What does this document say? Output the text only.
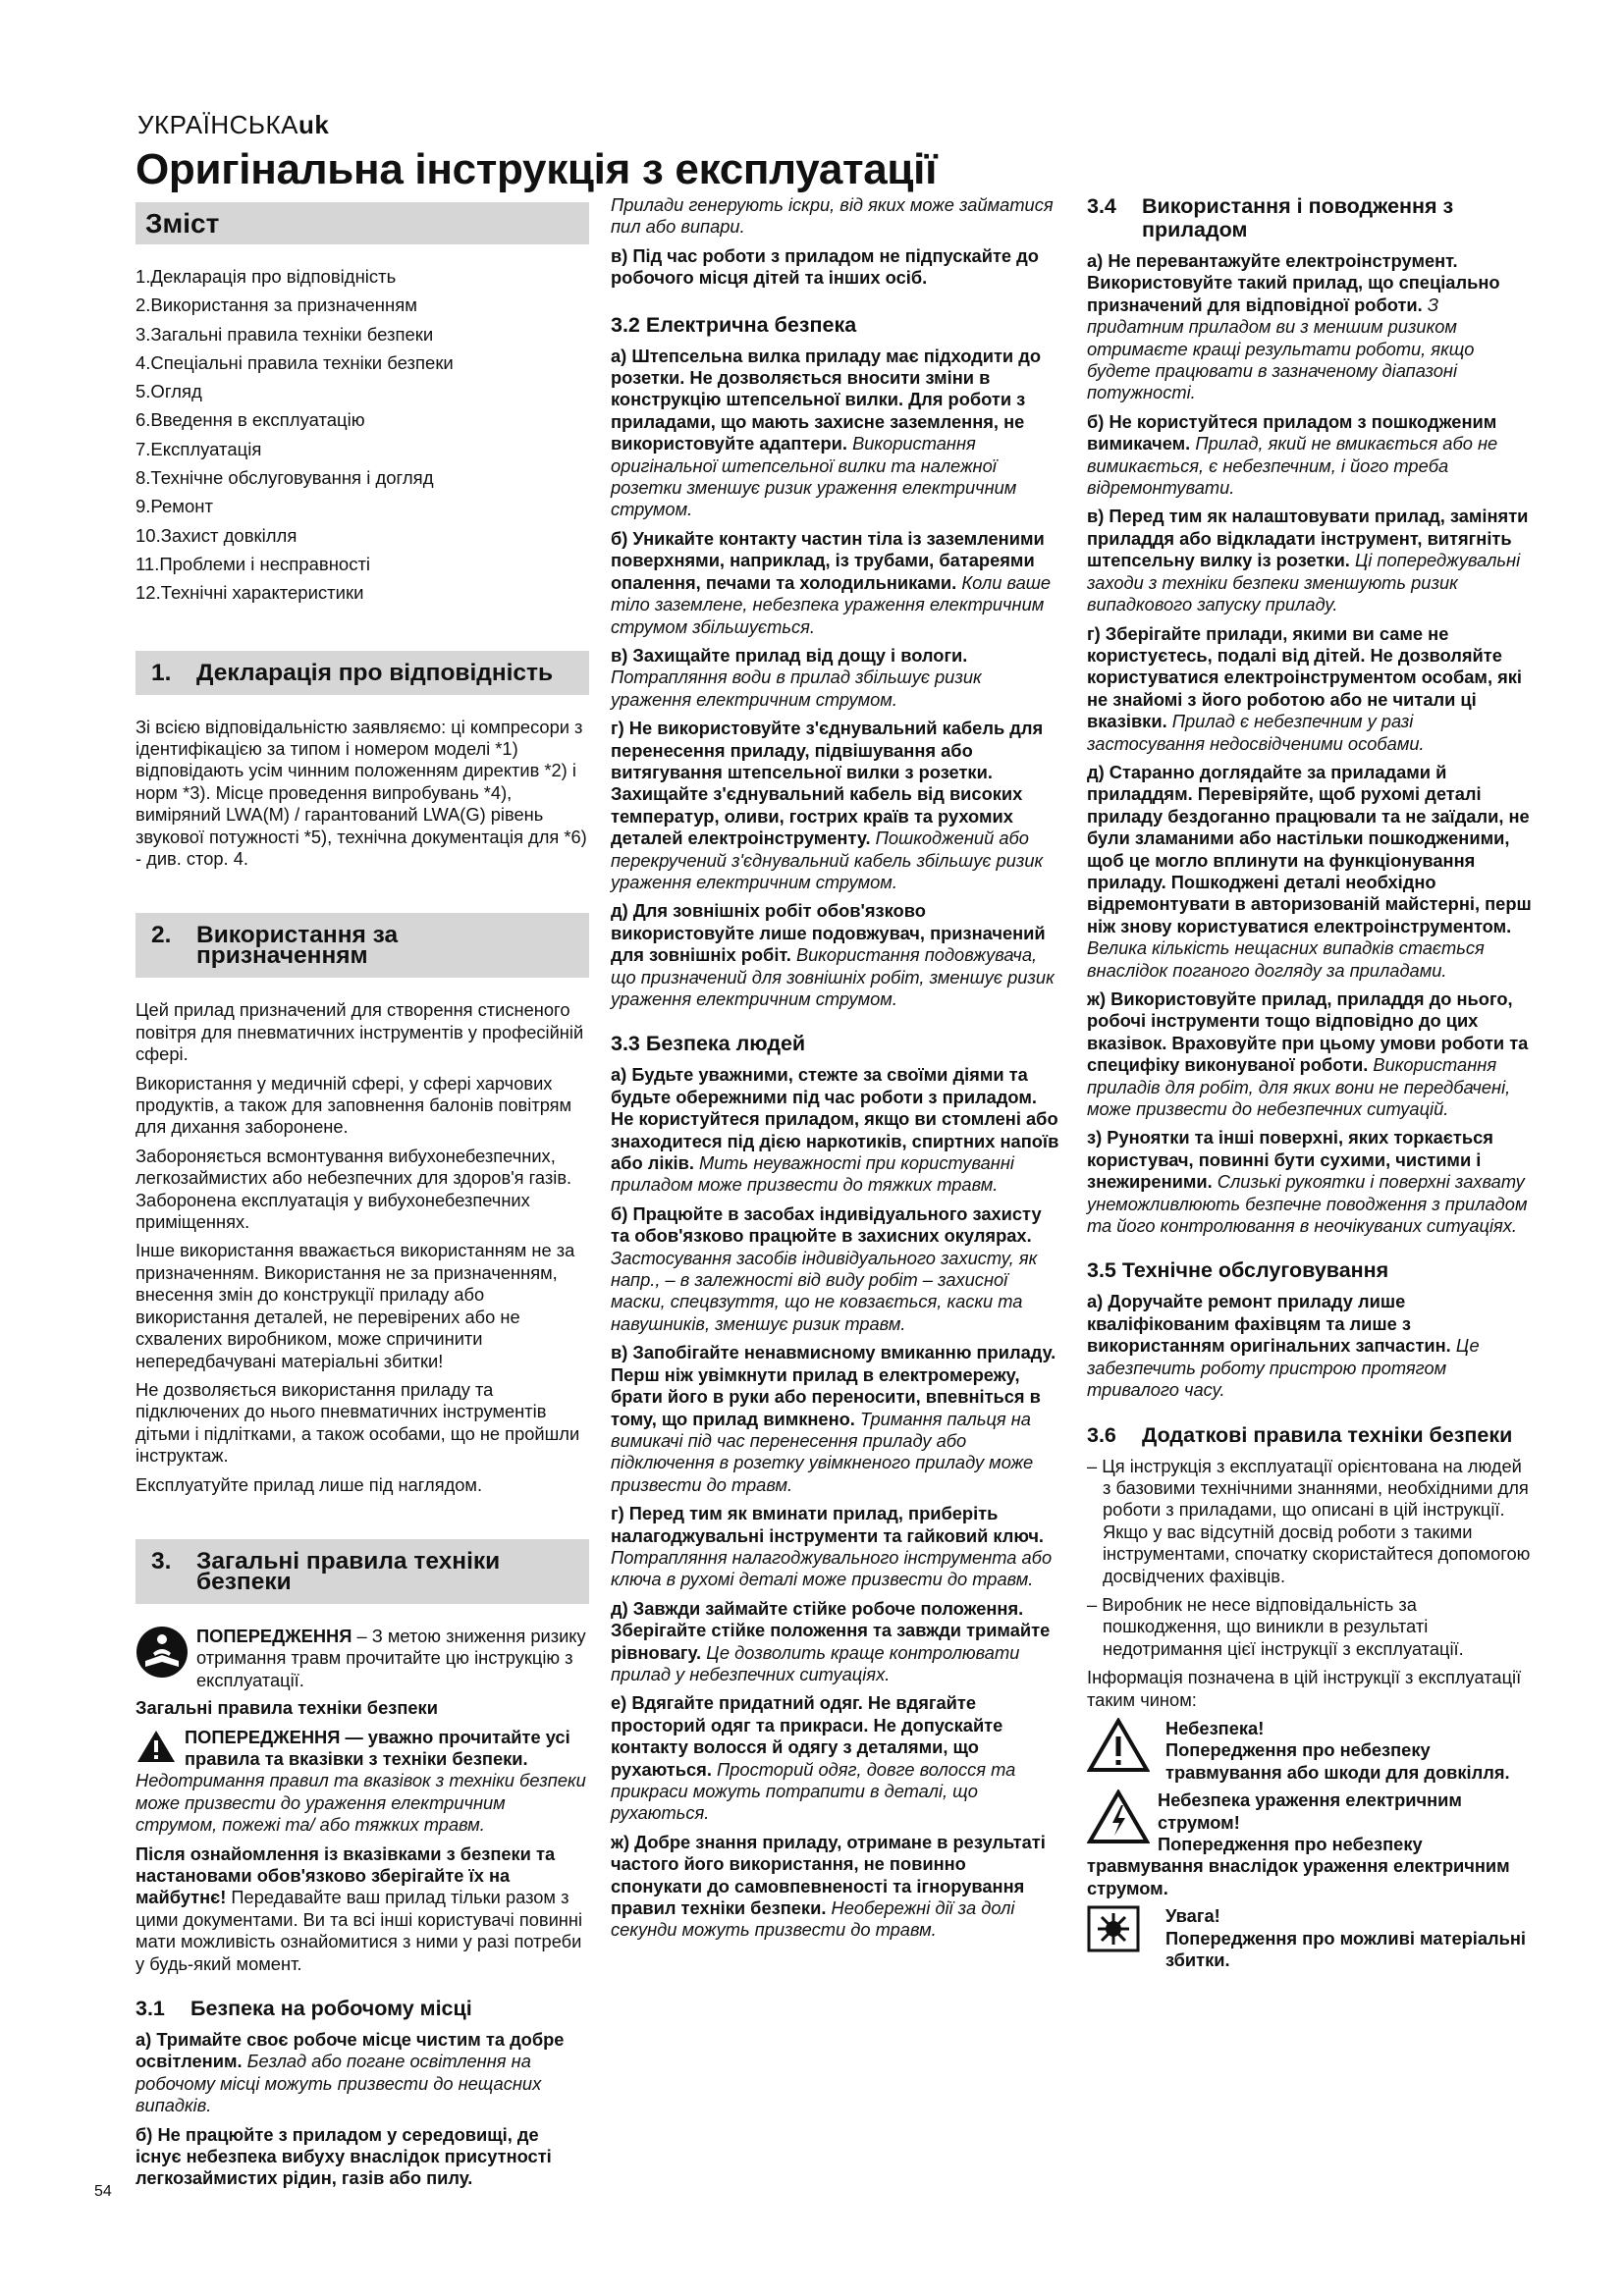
УКРАЇНСЬКАuk
Оригінальна інструкція з експлуатації
Зміст
1.Декларація про відповідність
2.Використання за призначенням
3.Загальні правила техніки безпеки
4.Спеціальні правила техніки безпеки
5.Огляд
6.Введення в експлуатацію
7.Експлуатація
8.Технічне обслуговування і догляд
9.Ремонт
10.Захист довкілля
11.Проблеми і несправності
12.Технічні характеристики
1.	Декларація про відповідність

Зі всією відповідальністю заявляємо: ці компресори з ідентифікацією за типом і номером моделі *1) відповідають усім чинним положенням директив *2) і норм *3). Місце проведення випробувань *4), виміряний LWA(M) / гарантований LWA(G) рівень звукової потужності *5), технічна документація для *6) - див. стор. 4.

2.	Використання за призначенням

Цей прилад призначений для створення стисненого повітря для пневматичних інструментів у професійній сфері.

Використання у медичній сфері, у сфері харчових продуктів, а також для заповнення балонів повітрям для дихання заборонене.

Забороняється всмонтування вибухонебезпечних, легкозаймистих або небезпечних для здоров'я газів. Заборонена експлуатація у вибухонебезпечних приміщеннях.

Інше використання вважається використанням не за призначенням. Використання не за призначенням, внесення змін до конструкції приладу або використання деталей, не перевірених або не схвалених виробником, може спричинити непередбачувані матеріальні збитки!

Не дозволяється використання приладу та підключених до нього пневматичних інструментів дітьми і підлітками, а також особами, що не пройшли інструктаж.

Експлуатуйте прилад лише під наглядом.

3.	Загальні правила техніки безпеки

ПОПЕРЕДЖЕННЯ – З метою зниження ризику отримання травм прочитайте цю інструкцію з експлуатації.

Загальні правила техніки безпеки

ПОПЕРЕДЖЕННЯ — уважно прочитайте усі правила та вказівки з техніки безпеки. Недотримання правил та вказівок з техніки безпеки може призвести до ураження електричним струмом, пожежі та/ або тяжких травм.

Після ознайомлення із вказівками з безпеки та настановами обов'язково зберігайте їх на майбутнє! Передавайте ваш прилад тільки разом з цими документами. Ви та всі інші користувачі повинні мати можливість ознайомитися з ними у разі потреби у будь-який момент.

3.1	Безпека на робочому місці

а) Тримайте своє робоче місце чистим та добре освітленим. Безлад або погане освітлення на робочому місці можуть призвести до нещасних випадків.

б) Не працюйте з приладом у середовищі, де існує небезпека вибуху внаслідок присутності легкозаймистих рідин, газів або пилу.

Прилади генерують іскри, від яких може займатися пил або випари.

в) Під час роботи з приладом не підпускайте до робочого місця дітей та інших осіб.

3.2 Електрична безпека

а) Штепсельна вилка приладу має підходити до розетки. Не дозволяється вносити зміни в конструкцію штепсельної вилки. Для роботи з приладами, що мають захисне заземлення, не використовуйте адаптери. Використання оригінальної штепсельної вилки та належної розетки зменшує ризик ураження електричним струмом.

б) Уникайте контакту частин тіла із заземленими поверхнями, наприклад, із трубами, батареями опалення, печами та холодильниками. Коли ваше тіло заземлене, небезпека ураження електричним струмом збільшується.

в) Захищайте прилад від дощу і вологи. Потрапляння води в прилад збільшує ризик ураження електричним струмом.

г) Не використовуйте з'єднувальний кабель для перенесення приладу, підвішування або витягування штепсельної вилки з розетки. Захищайте з'єднувальний кабель від високих температур, оливи, гострих країв та рухомих деталей електроінструменту. Пошкоджений або перекручений з'єднувальний кабель збільшує ризик ураження електричним струмом.

д) Для зовнішніх робіт обов'язково використовуйте лише подовжувач, призначений для зовнішніх робіт. Використання подовжувача, що призначений для зовнішніх робіт, зменшує ризик ураження електричним струмом.

3.3 Безпека людей

а) Будьте уважними, стежте за своїми діями та будьте обережними під час роботи з приладом. Не користуйтеся приладом, якщо ви стомлені або знаходитеся під дією наркотиків, спиртних напоїв або ліків. Мить неуважності при користуванні приладом може призвести до тяжких травм.

б) Працюйте в засобах індивідуального захисту та обов'язково працюйте в захисних окулярах. Застосування засобів індивідуального захисту, як напр., – в залежності від виду робіт – захисної маски, спецвзуття, що не ковзається, каски та навушників, зменшує ризик травм.

в) Запобігайте ненавмисному вмиканню приладу. Перш ніж увімкнути прилад в електромережу, брати його в руки або переносити, впевніться в тому, що прилад вимкнено. Тримання пальця на вимикачі під час перенесення приладу або підключення в розетку увімкненого приладу може призвести до травм.

г) Перед тим як вминати прилад, приберіть налагоджувальні інструменти та гайковий ключ. Потрапляння налагоджувального інструмента або ключа в рухомі деталі може призвести до травм.

д) Завжди займайте стійке робоче положення. Зберігайте стійке положення та завжди тримайте рівновагу. Це дозволить краще контролювати прилад у небезпечних ситуаціях.

е) Вдягайте придатний одяг. Не вдягайте просторий одяг та прикраси. Не допускайте контакту волосся й одягу з деталями, що рухаються. Просторий одяг, довге волосся та прикраси можуть потрапити в деталі, що рухаються.

ж) Добре знання приладу, отримане в результаті частого його використання, не повинно спонукати до самовпевненості та ігнорування правил техніки безпеки. Необережні дії за долі секунди можуть призвести до травм.

3.4	Використання і поводження з приладом

а) Не перевантажуйте електроінструмент. Використовуйте такий прилад, що спеціально призначений для відповідної роботи. З придатним приладом ви з меншим ризиком отримаєте кращі результати роботи, якщо будете працювати в зазначеному діапазоні потужності.

б) Не користуйтеся приладом з пошкодженим вимикачем. Прилад, який не вмикається або не вимикається, є небезпечним, і його треба відремонтувати.

в) Перед тим як налаштовувати прилад, заміняти приладдя або відкладати інструмент, витягніть штепсельну вилку із розетки. Ці попереджувальні заходи з техніки безпеки зменшують ризик випадкового запуску приладу.

г) Зберігайте прилади, якими ви саме не користуєтесь, подалі від дітей. Не дозволяйте користуватися електроінструментом особам, які не знайомі з його роботою або не читали ці вказівки. Прилад є небезпечним у разі застосування недосвідченими особами.

д) Старанно доглядайте за приладами й приладдям. Перевіряйте, щоб рухомі деталі приладу бездоганно працювали та не заїдали, не були зламаними або настільки пошкодженими, щоб це могло вплинути на функціонування приладу. Пошкоджені деталі необхідно відремонтувати в авторизованій майстерні, перш ніж знову користуватися електроінструментом. Велика кількість нещасних випадків стається внаслідок поганого догляду за приладами.

ж) Використовуйте прилад, приладдя до нього, робочі інструменти тощо відповідно до цих вказівок. Враховуйте при цьому умови роботи та специфіку виконуваної роботи. Використання приладів для робіт, для яких вони не передбачені, може призвести до небезпечних ситуацій.

з) Руноятки та інші поверхні, яких торкається користувач, повинні бути сухими, чистими і знежиреними. Слизькі рукоятки і поверхні захвату унеможливлюють безпечне поводження з приладом та його контролювання в неочікуваних ситуаціях.

3.5 Технічне обслуговування

а) Доручайте ремонт приладу лише кваліфікованим фахівцям та лише з використанням оригінальних запчастин. Це забезпечить роботу пристрою протягом тривалого часу.

3.6	Додаткові правила техніки безпеки

– Ця інструкція з експлуатації орієнтована на людей з базовими технічними знаннями, необхідними для роботи з приладами, що описані в цій інструкції. Якщо у вас відсутній досвід роботи з такими інструментами, спочатку скористайтеся допомогою досвідчених фахівців.

– Виробник не несе відповідальність за пошкодження, що виникли в результаті недотримання цієї інструкції з експлуатації.

Інформація позначена в цій інструкції з експлуатації таким чином:

Небезпека!
Попередження про небезпеку травмування або шкоди для довкілля.
Небезпека ураження електричним струмом!
Попередження про небезпеку травмування внаслідок ураження електричним струмом.
Увага!
Попередження про можливі матеріальні збитки.
54
